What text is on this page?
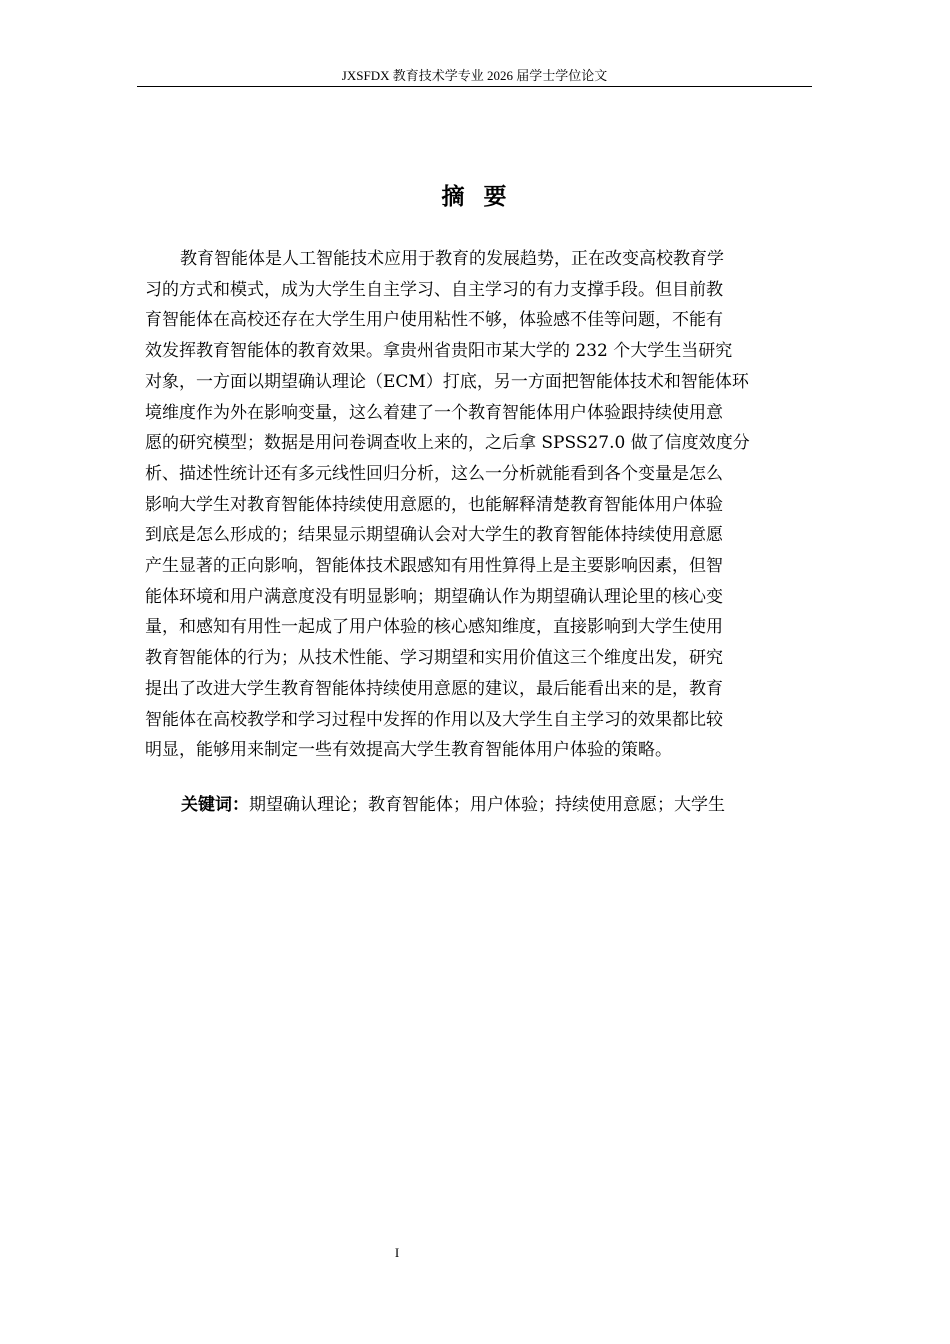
JXSFDX 教育技术学专业 2026 届学士学位论文
摘  要

教育智能体是人工智能技术应用于教育的发展趋势，正在改变高校教育学
习的方式和模式，成为大学生自主学习、自主学习的有力支撑手段。但目前教
育智能体在高校还存在大学生用户使用粘性不够，体验感不佳等问题，不能有
效发挥教育智能体的教育效果。拿贵州省贵阳市某大学的 232 个大学生当研究
对象，一方面以期望确认理论（ECM）打底，另一方面把智能体技术和智能体环
境维度作为外在影响变量，这么着建了一个教育智能体用户体验跟持续使用意
愿的研究模型；数据是用问卷调查收上来的，之后拿 SPSS27.0 做了信度效度分
析、描述性统计还有多元线性回归分析，这么一分析就能看到各个变量是怎么
影响大学生对教育智能体持续使用意愿的，也能解释清楚教育智能体用户体验
到底是怎么形成的；结果显示期望确认会对大学生的教育智能体持续使用意愿
产生显著的正向影响，智能体技术跟感知有用性算得上是主要影响因素，但智
能体环境和用户满意度没有明显影响；期望确认作为期望确认理论里的核心变
量，和感知有用性一起成了用户体验的核心感知维度，直接影响到大学生使用
教育智能体的行为；从技术性能、学习期望和实用价值这三个维度出发，研究
提出了改进大学生教育智能体持续使用意愿的建议，最后能看出来的是，教育
智能体在高校教学和学习过程中发挥的作用以及大学生自主学习的效果都比较
明显，能够用来制定一些有效提高大学生教育智能体用户体验的策略。

关键词：期望确认理论；教育智能体；用户体验；持续使用意愿；大学生
I
